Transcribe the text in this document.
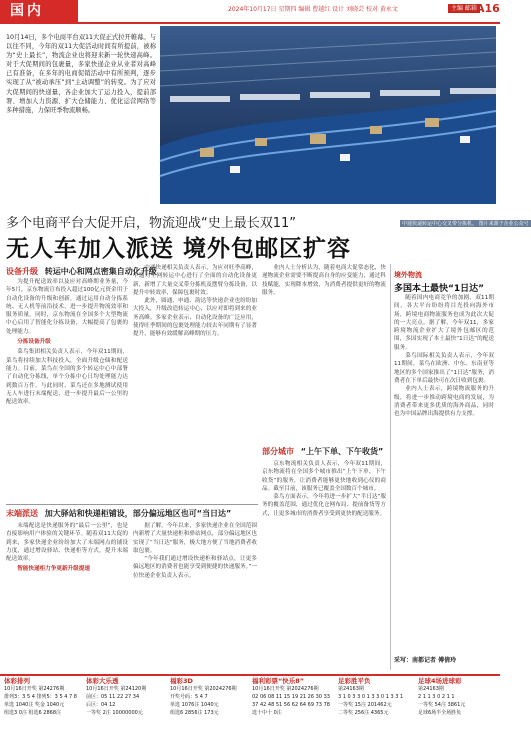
国内	2024年10月17日 星期四 编辑 曹越红 设计 刘晓芸 校对 黄永文	主编 邮箱 A16
10月14日，多个电商平台双11大促正式拉开帷幕。与以往不同，今年的双11大促活动时间有所提前，被称为“史上最长”，物流企业也将迎来新一轮快递高峰。对于大促期间的包裹量，多家快递企业从业者对高峰已有准备，在多年的电商促销活动中有所预判，逐步实现了从“被动承压”到“主动调整”的转变。为了应对大促期间的快递量，各企业加大了运力投入，提前部署、增加人力资源、扩大仓储能力、优化运营网络等多种措施，力保旺季物流顺畅。
中通快递转运中心交叉带分拣机。 图片来源于企业公众号
多个电商平台大促开启，物流迎战“史上最长双11”
无人车加入派送 境外包邮区扩容
设备升级 转运中心和网点密集自动化升级

为提升配送效率以及应对高峰期业务量，今年5月，京东物流宣布投入超过100亿元资金用于自动化设备的升级和创新，通过运用自动分拣系统、无人机等前沿技术，进一步提升物流效率和服务质量。同时，京东物流在全国多个大型物流中心启用了智能化分拣设备，大幅提高了包裹的处理能力。

分拣设备升级

菜鸟集团相关负责人表示，今年双11期间，菜鸟将持续加大科技投入，全面升级仓储和配送能力。目前，菜鸟在全国的多个转运中心中部署了自动化分拣线，单个分拣中心日均处理能力达到数百万件。与此同时，菜鸟还在多地测试使用无人车进行末端配送，进一步提升最后一公里的配送效率。

中通快递相关负责人表示，为应对旺季高峰，中通对全网转运中心进行了全面的自动化设备更新，新增了大量交叉带分拣机及摆臂分拣设备，以提升中转效率，保障包裹时效。

此外，圆通、申通、韵达等快递企业也纷纷加大投入，升级改造转运中心，以应对即将到来的业务高峰。多家企业表示，自动化设备的广泛应用，使得旺季期间的包裹处理能力较去年同期有了显著提升，能够有效缓解高峰期的压力。

业内人士分析认为，随着电商大促常态化，快递物流企业需要不断提高自身的应变能力，通过科技赋能，实现降本增效，为消费者提供更好的物流服务。

末端派送 加大驿站和快递柜铺设，部分偏远地区也可“当日达”

末端配送是快递服务的“最后一公里”，也是直接影响用户体验的关键环节。随着双11大促的到来，多家快递企业纷纷加大了末端网点的铺设力度，通过增设驿站、快递柜等方式，提升末端配送效率。

智能快递柜力争更新升级提速

据了解，今年以来，多家快递企业在全国范围内新增了大量快递柜和驿站网点，部分偏远地区也实现了“当日达”服务，极大地方便了当地消费者收取包裹。

“今年我们通过增设快递柜和驿站点，让更多偏远地区的消费者也能享受到便捷的快递服务。”一位快递企业负责人表示。

部分城市 “上午下单、下午收货”

京东物流相关负责人表示，今年双11期间，京东物流将在全国多个城市推出“上午下单、下午收货”的服务，让消费者能够更快地收到心仪的商品。截至目前，该服务已覆盖全国数百个城市。

菜鸟方面表示，今年将进一步扩大“半日达”服务的覆盖范围，通过优化仓网布局、提前备货等方式，让更多城市的消费者享受到更快的配送服务。

境外物流
多国本土最快“1日达”

随着国内电商竞争的加剧，双11期间，各大平台纷纷将目光投向海外市场，跨境电商物流服务也成为此次大促的一大亮点。据了解，今年双11，多家跨境物流企业扩大了境外包邮区的范围，多国实现了本土最快“1日达”的配送服务。

菜鸟国际相关负责人表示，今年双11期间，菜鸟在欧洲、中东、东南亚等地区的多个国家推出了“1日达”服务，消费者在下单后最快可在次日收到包裹。

业内人士表示，跨境物流服务的升级，将进一步推动跨境电商的发展，为消费者带来更多优质的海外商品，同时也为中国品牌出海提供有力支撑。

采写：南都记者 傅倩玲
体彩排列
10月16日开奖 第24276期
排列3：3 5 4 排列5：3 5 4 7 8
单选 1040注 奖金 1040元
组选3 0注 组选6 2868注
体彩大乐透
10月16日开奖 第24120期
前区：05 11 22 27 34
后区：04 12
一等奖 2注 10000000元
福彩3D
10月16日开奖 第2024276期
开奖号码：5 4 7
单选 1076注 1040元
组选6 2856注 173元
福利彩票“快乐8”
10月16日开奖 第2024276期
02 06 08 11 15 19 21 26 30 33
37 42 48 51 56 62 64 69 73 78
选十中十 0注
足彩胜平负
第24163期
3 1 0 3 3 0 1 3 3 0 1 3 3 1
一等奖 15注 201462元
二等奖 256注 4365元
足球4场进球彩
第24163期
2 1 1 3 0 2 1 1
一等奖 54注 3861元
足球6场半全场胜负
